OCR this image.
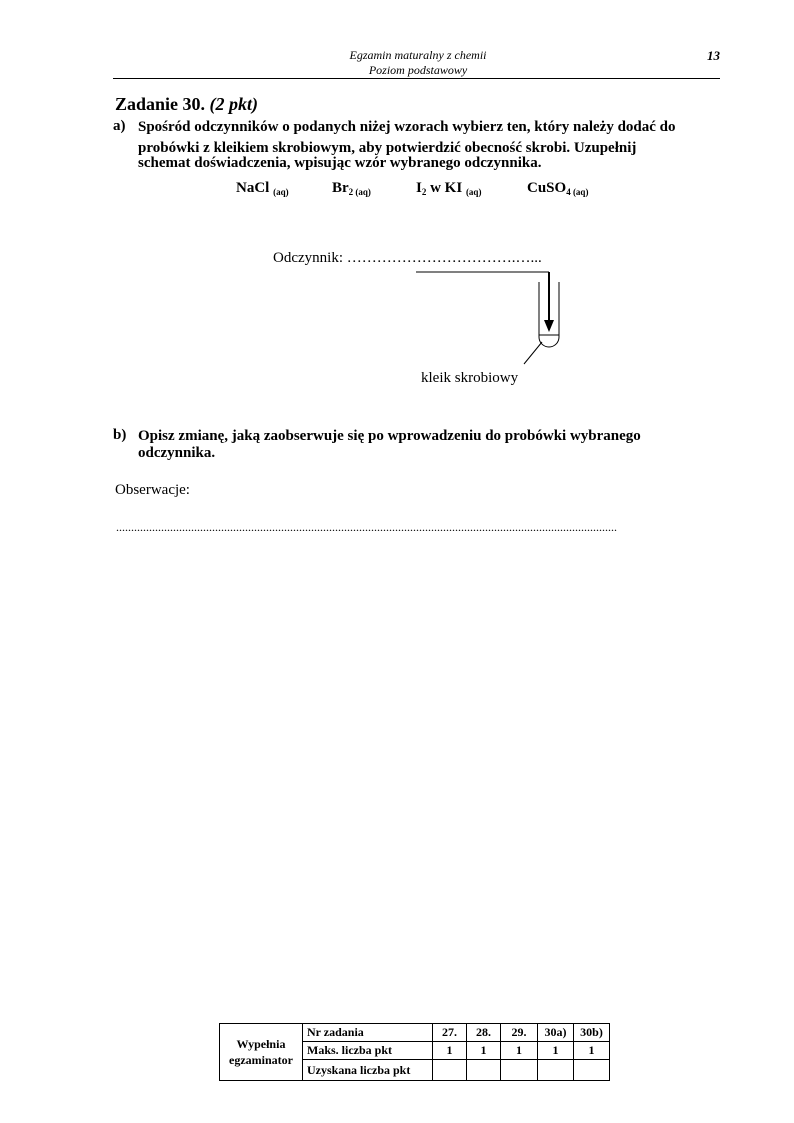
Egzamin maturalny z chemii
Poziom podstawowy
13
Zadanie 30. (2 pkt)
a) Spośród odczynników o podanych niżej wzorach wybierz ten, który należy dodać do
probówki z kleikiem skrobiowym, aby potwierdzić obecność skrobi. Uzupełnij
schemat doświadczenia, wpisując wzór wybranego odczynnika.
NaCl $_{(aq)}$	$Br_{2 (aq)}$	$I_2$ w KI $_{(aq)}$	CuSO$_{4 (aq)}$
Odczynnik: …………………………….…...
kleik skrobiowy
b) Opisz zmianę, jaką zaobserwuje się po wprowadzeniu do probówki wybranego
odczynnika.
Obserwacje:
.......................................................................................................................................................................
Wypełnia
egzaminator	Nr zadania	27.	28.	29.	30a)	30b)
	Maks. liczba pkt	1	1	1	1	1
	Uzyskana liczba pkt					
